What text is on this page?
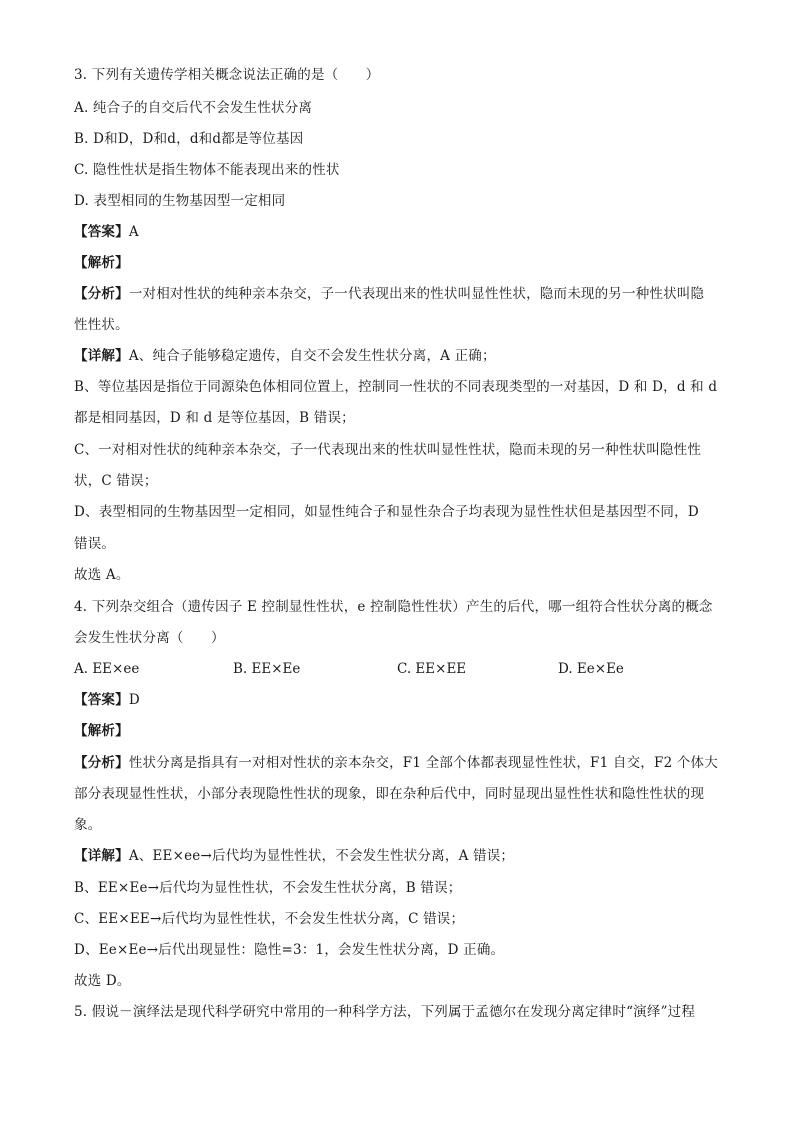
3. 下列有关遗传学相关概念说法正确的是（　　）
A. 纯合子的自交后代不会发生性状分离
B. D和D，D和d，d和d都是等位基因
C. 隐性性状是指生物体不能表现出来的性状
D. 表型相同的生物基因型一定相同
【答案】A
【解析】
【分析】一对相对性状的纯种亲本杂交，子一代表现出来的性状叫显性性状，隐而未现的另一种性状叫隐
性性状。
【详解】A、纯合子能够稳定遗传，自交不会发生性状分离，A 正确；
B、等位基因是指位于同源染色体相同位置上，控制同一性状的不同表现类型的一对基因，D 和 D，d 和 d
都是相同基因，D 和 d 是等位基因，B 错误；
C、一对相对性状的纯种亲本杂交，子一代表现出来的性状叫显性性状，隐而未现的另一种性状叫隐性性
状，C 错误；
D、表型相同的生物基因型一定相同，如显性纯合子和显性杂合子均表现为显性性状但是基因型不同，D
错误。
故选 A。
4. 下列杂交组合（遗传因子 E 控制显性性状，e 控制隐性性状）产生的后代，哪一组符合性状分离的概念
会发生性状分离（　　）
A. EE×ee	B. EE×Ee	C. EE×EE	D. Ee×Ee
【答案】D
【解析】
【分析】性状分离是指具有一对相对性状的亲本杂交，F1 全部个体都表现显性性状，F1 自交，F2 个体大
部分表现显性性状，小部分表现隐性性状的现象，即在杂种后代中，同时显现出显性性状和隐性性状的现
象。
【详解】A、EE×ee→后代均为显性性状，不会发生性状分离，A 错误；
B、EE×Ee→后代均为显性性状，不会发生性状分离，B 错误；
C、EE×EE→后代均为显性性状，不会发生性状分离，C 错误；
D、Ee×Ee→后代出现显性：隐性=3：1，会发生性状分离，D 正确。
故选 D。
5. 假说－演绎法是现代科学研究中常用的一种科学方法，下列属于孟德尔在发现分离定律时“演绎”过程
